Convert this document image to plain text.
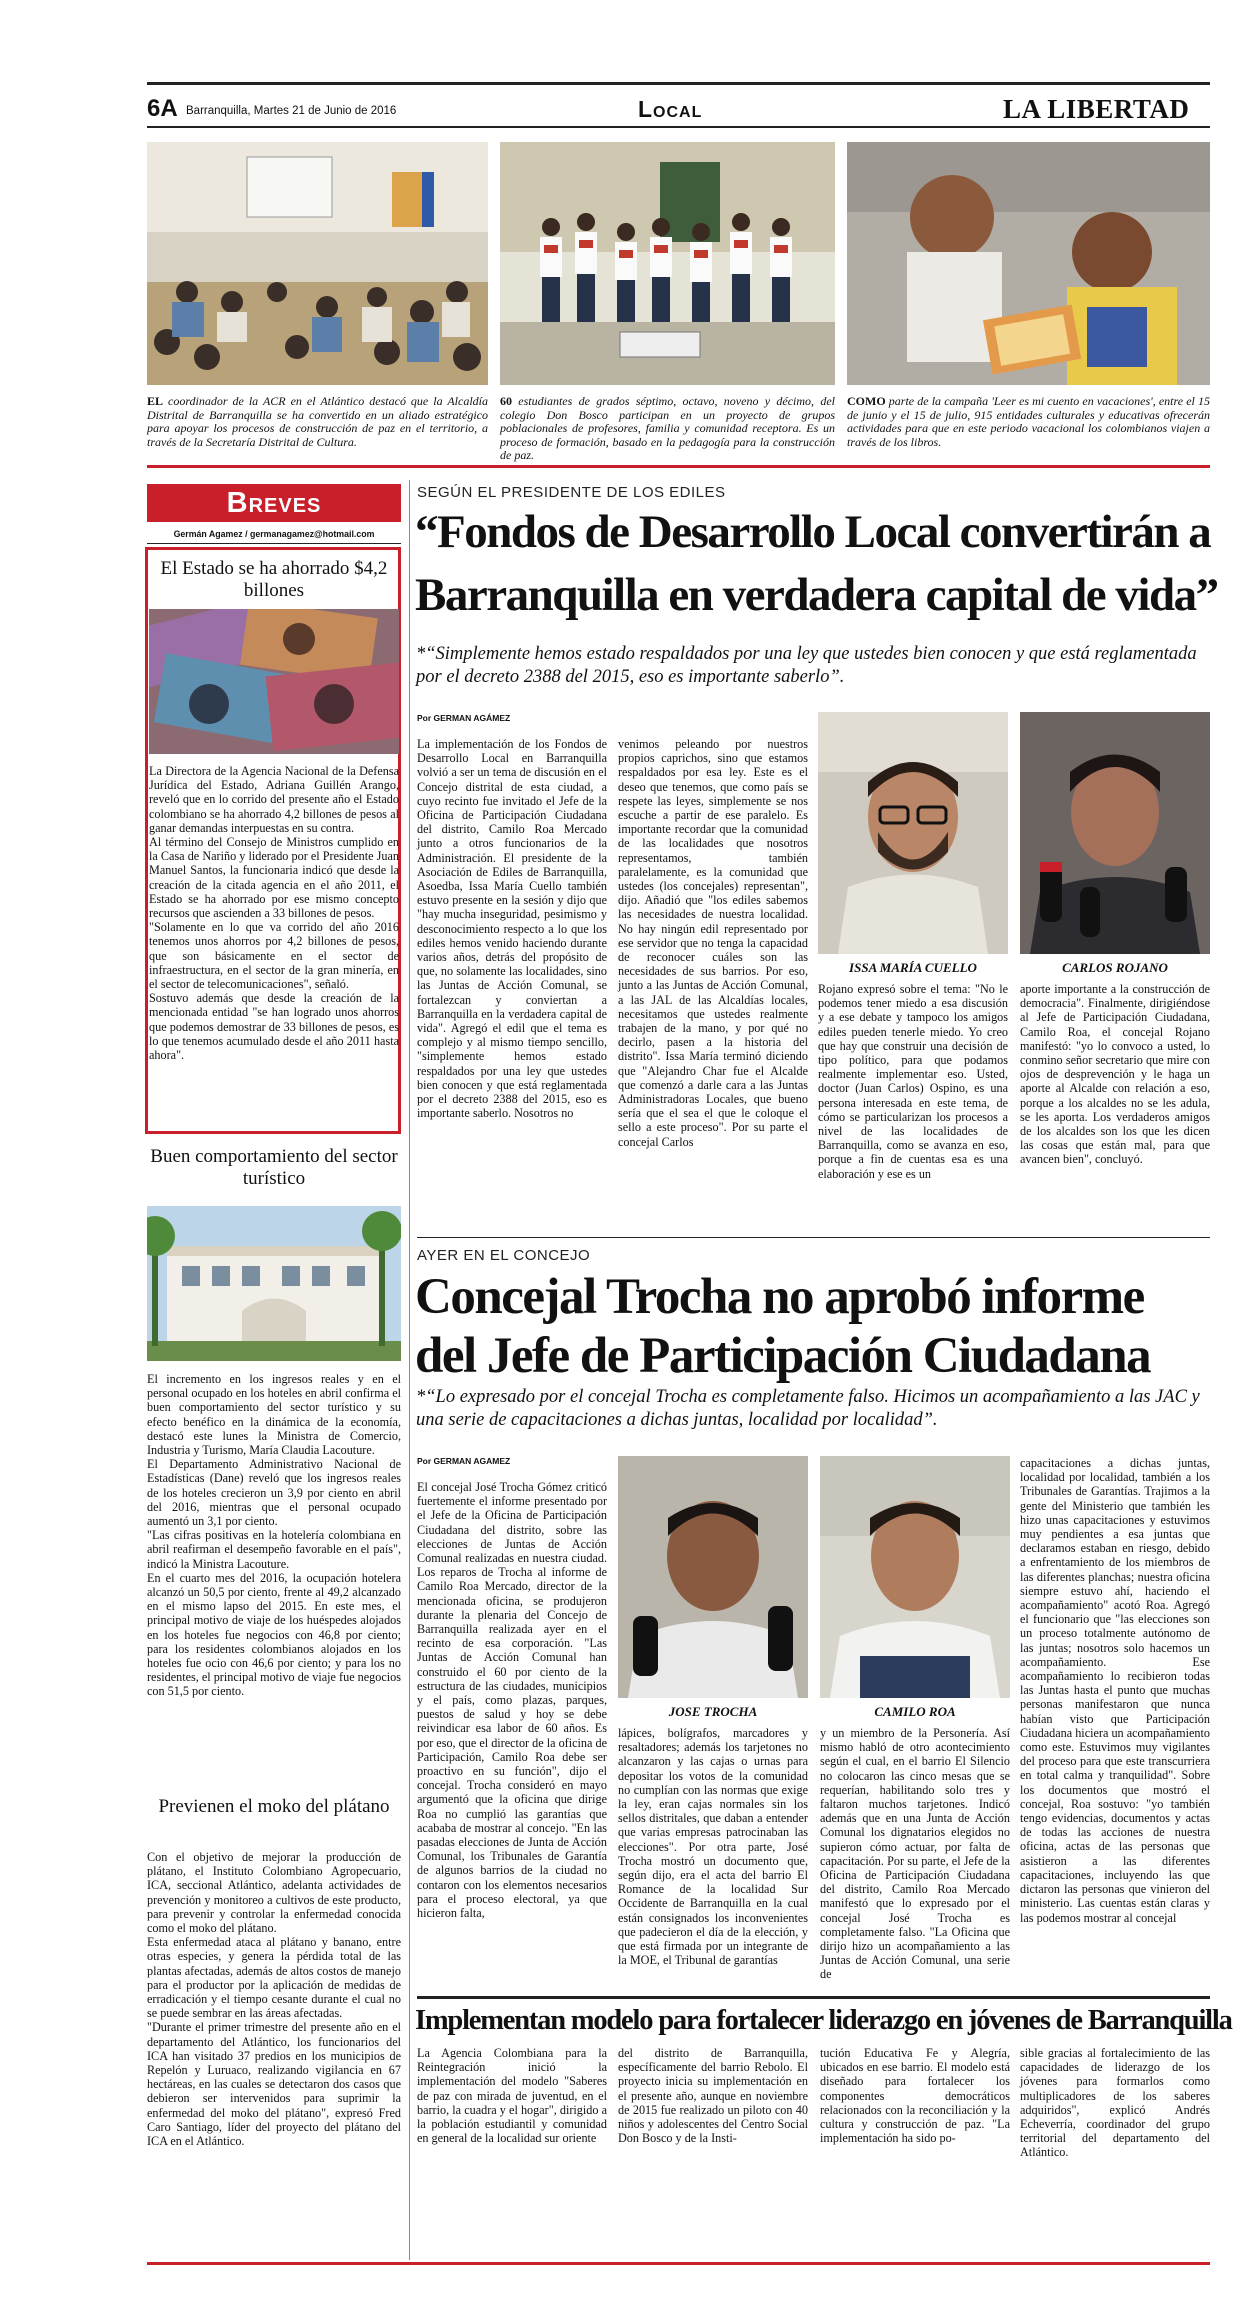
6A Barranquilla, Martes 21 de Junio de 2016	Local	LA LIBERTAD
EL coordinador de la ACR en el Atlántico destacó que la Alcaldía Distrital de Barranquilla se ha convertido en un aliado estratégico para apoyar los procesos de construcción de paz en el territorio, a través de la Secretaría Distrital de Cultura.
60 estudiantes de grados séptimo, octavo, noveno y décimo, del colegio Don Bosco participan en un proyecto de grupos poblacionales de profesores, familia y comunidad receptora. Es un proceso de formación, basado en la pedagogía para la construcción de paz.
COMO parte de la campaña 'Leer es mi cuento en vacaciones', entre el 15 de junio y el 15 de julio, 915 entidades culturales y educativas ofrecerán actividades para que en este periodo vacacional los colombianos viajen a través de los libros.
Breves
Germán Agamez / germanagamez@hotmail.com
El Estado se ha ahorrado $4,2 billones

La Directora de la Agencia Nacional de la Defensa Jurídica del Estado, Adriana Guillén Arango, reveló que en lo corrido del presente año el Estado colombiano se ha ahorrado 4,2 billones de pesos al ganar demandas interpuestas en su contra.

Al término del Consejo de Ministros cumplido en la Casa de Nariño y liderado por el Presidente Juan Manuel Santos, la funcionaria indicó que desde la creación de la citada agencia en el año 2011, el Estado se ha ahorrado por ese mismo concepto recursos que ascienden a 33 billones de pesos.

"Solamente en lo que va corrido del año 2016 tenemos unos ahorros por 4,2 billones de pesos, que son básicamente en el sector de infraestructura, en el sector de la gran minería, en el sector de telecomunicaciones", señaló.

Sostuvo además que desde la creación de la mencionada entidad "se han logrado unos ahorros que podemos demostrar de 33 billones de pesos, es lo que tenemos acumulado desde el año 2011 hasta ahora".

Buen comportamiento del sector turístico

El incremento en los ingresos reales y en el personal ocupado en los hoteles en abril confirma el buen comportamiento del sector turístico y su efecto benéfico en la dinámica de la economía, destacó este lunes la Ministra de Comercio, Industria y Turismo, María Claudia Lacouture.

El Departamento Administrativo Nacional de Estadísticas (Dane) reveló que los ingresos reales de los hoteles crecieron un 3,9 por ciento en abril del 2016, mientras que el personal ocupado aumentó un 3,1 por ciento.

"Las cifras positivas en la hotelería colombiana en abril reafirman el desempeño favorable en el país", indicó la Ministra Lacouture.

En el cuarto mes del 2016, la ocupación hotelera alcanzó un 50,5 por ciento, frente al 49,2 alcanzado en el mismo lapso del 2015. En este mes, el principal motivo de viaje de los huéspedes alojados en los hoteles fue negocios con 46,8 por ciento; para los residentes colombianos alojados en los hoteles fue ocio con 46,6 por ciento; y para los no residentes, el principal motivo de viaje fue negocios con 51,5 por ciento.

Previenen el moko del plátano

Con el objetivo de mejorar la producción de plátano, el Instituto Colombiano Agropecuario, ICA, seccional Atlántico, adelanta actividades de prevención y monitoreo a cultivos de este producto, para prevenir y controlar la enfermedad conocida como el moko del plátano.

Esta enfermedad ataca al plátano y banano, entre otras especies, y genera la pérdida total de las plantas afectadas, además de altos costos de manejo para el productor por la aplicación de medidas de erradicación y el tiempo cesante durante el cual no se puede sembrar en las áreas afectadas.

"Durante el primer trimestre del presente año en el departamento del Atlántico, los funcionarios del ICA han visitado 37 predios en los municipios de Repelón y Luruaco, realizando vigilancia en 67 hectáreas, en las cuales se detectaron dos casos que debieron ser intervenidos para suprimir la enfermedad del moko del plátano", expresó Fred Caro Santiago, líder del proyecto del plátano del ICA en el Atlántico.

SEGÚN EL PRESIDENTE DE LOS EDILES
“Fondos de Desarrollo Local convertirán a
Barranquilla en verdadera capital de vida”
*“Simplemente hemos estado respaldados por una ley que ustedes bien conocen y que está reglamentada por el decreto 2388 del 2015, eso es importante saberlo”.
Por GERMAN AGÁMEZ
La implementación de los Fondos de Desarrollo Local en Barranquilla volvió a ser un tema de discusión en el Concejo distrital de esta ciudad, a cuyo recinto fue invitado el Jefe de la Oficina de Participación Ciudadana del distrito, Camilo Roa Mercado junto a otros funcionarios de la Administración. El presidente de la Asociación de Ediles de Barranquilla, Asoedba, Issa María Cuello también estuvo presente en la sesión y dijo que "hay mucha inseguridad, pesimismo y desconocimiento respecto a lo que los ediles hemos venido haciendo durante varios años, detrás del propósito de que, no solamente las localidades, sino las Juntas de Acción Comunal, se fortalezcan y conviertan a Barranquilla en la verdadera capital de vida". Agregó el edil que el tema es complejo y al mismo tiempo sencillo, "simplemente hemos estado respaldados por una ley que ustedes bien conocen y que está reglamentada por el decreto 2388 del 2015, eso es importante saberlo. Nosotros no
venimos peleando por nuestros propios caprichos, sino que estamos respaldados por esa ley. Este es el deseo que tenemos, que como país se respete las leyes, simplemente se nos escuche a partir de ese paralelo. Es importante recordar que la comunidad de las localidades que nosotros representamos, también paralelamente, es la comunidad que ustedes (los concejales) representan", dijo. Añadió que "los ediles sabemos las necesidades de nuestra localidad. No hay ningún edil representado por ese servidor que no tenga la capacidad de reconocer cuáles son las necesidades de sus barrios. Por eso, junto a las Juntas de Acción Comunal, a las JAL de las Alcaldías locales, necesitamos que ustedes realmente trabajen de la mano, y por qué no decirlo, pasen a la historia del distrito". Issa María terminó diciendo que "Alejandro Char fue el Alcalde que comenzó a darle cara a las Juntas Administradoras Locales, que bueno sería que el sea el que le coloque el sello a este proceso". Por su parte el concejal Carlos
ISSA MARÍA CUELLO	CARLOS ROJANO
Rojano expresó sobre el tema: "No le podemos tener miedo a esa discusión y a ese debate y tampoco los amigos ediles pueden tenerle miedo. Yo creo que hay que construir una decisión de tipo político, para que podamos realmente implementar eso. Usted, doctor (Juan Carlos) Ospino, es una persona interesada en este tema, de cómo se particularizan los procesos a nivel de las localidades de Barranquilla, como se avanza en eso, porque a fin de cuentas esa es una elaboración y ese es un
aporte importante a la construcción de democracia". Finalmente, dirigiéndose al Jefe de Participación Ciudadana, Camilo Roa, el concejal Rojano manifestó: "yo lo convoco a usted, lo conmino señor secretario que mire con ojos de desprevención y le haga un aporte al Alcalde con relación a eso, porque a los alcaldes no se les adula, se les aporta. Los verdaderos amigos de los alcaldes son los que les dicen las cosas que están mal, para que avancen bien", concluyó.
AYER EN EL CONCEJO
Concejal Trocha no aprobó informe
del Jefe de Participación Ciudadana
*“Lo expresado por el concejal Trocha es completamente falso. Hicimos un acompañamiento a las JAC y una serie de capacitaciones a dichas juntas, localidad por localidad”.
Por GERMAN AGAMEZ
El concejal José Trocha Gómez criticó fuertemente el informe presentado por el Jefe de la Oficina de Participación Ciudadana del distrito, sobre las elecciones de Juntas de Acción Comunal realizadas en nuestra ciudad. Los reparos de Trocha al informe de Camilo Roa Mercado, director de la mencionada oficina, se produjeron durante la plenaria del Concejo de Barranquilla realizada ayer en el recinto de esa corporación. "Las Juntas de Acción Comunal han construido el 60 por ciento de la estructura de las ciudades, municipios y el país, como plazas, parques, puestos de salud y hoy se debe reivindicar esa labor de 60 años. Es por eso, que el director de la oficina de Participación, Camilo Roa debe ser proactivo en su función", dijo el concejal. Trocha consideró en mayo argumentó que la oficina que dirige Roa no cumplió las garantías que acababa de mostrar al concejo. "En las pasadas elecciones de Junta de Acción Comunal, los Tribunales de Garantía de algunos barrios de la ciudad no contaron con los elementos necesarios para el proceso electoral, ya que hicieron falta,
JOSE TROCHA	CAMILO ROA
lápices, bolígrafos, marcadores y resaltadores; además los tarjetones no alcanzaron y las cajas o urnas para depositar los votos de la comunidad no cumplían con las normas que exige la ley, eran cajas normales sin los sellos distritales, que daban a entender que varias empresas patrocinaban las elecciones". Por otra parte, José Trocha mostró un documento que, según dijo, era el acta del barrio El Romance de la localidad Sur Occidente de Barranquilla en la cual están consignados los inconvenientes que padecieron el día de la elección, y que está firmada por un integrante de la MOE, el Tribunal de garantías
y un miembro de la Personería. Así mismo habló de otro acontecimiento según el cual, en el barrio El Silencio no colocaron las cinco mesas que se requerían, habilitando solo tres y faltaron muchos tarjetones. Indicó además que en una Junta de Acción Comunal los dignatarios elegidos no supieron cómo actuar, por falta de capacitación. Por su parte, el Jefe de la Oficina de Participación Ciudadana del distrito, Camilo Roa Mercado manifestó que lo expresado por el concejal José Trocha es completamente falso. "La Oficina que dirijo hizo un acompañamiento a las Juntas de Acción Comunal, una serie de
capacitaciones a dichas juntas, localidad por localidad, también a los Tribunales de Garantías. Trajimos a la gente del Ministerio que también les hizo unas capacitaciones y estuvimos muy pendientes a esa juntas que declaramos estaban en riesgo, debido a enfrentamiento de los miembros de las diferentes planchas; nuestra oficina siempre estuvo ahí, haciendo el acompañamiento" acotó Roa. Agregó el funcionario que "las elecciones son un proceso totalmente autónomo de las juntas; nosotros solo hacemos un acompañamiento. Ese acompañamiento lo recibieron todas las Juntas hasta el punto que muchas personas manifestaron que nunca habían visto que Participación Ciudadana hiciera un acompañamiento como este. Estuvimos muy vigilantes del proceso para que este transcurriera en total calma y tranquilidad". Sobre los documentos que mostró el concejal, Roa sostuvo: "yo también tengo evidencias, documentos y actas de todas las acciones de nuestra oficina, actas de las personas que asistieron a las diferentes capacitaciones, incluyendo las que dictaron las personas que vinieron del ministerio. Las cuentas están claras y las podemos mostrar al concejal
Implementan modelo para fortalecer liderazgo en jóvenes de Barranquilla
La Agencia Colombiana para la Reintegración inició la implementación del modelo "Saberes de paz con mirada de juventud, en el barrio, la cuadra y el hogar", dirigido a la población estudiantil y comunidad en general de la localidad sur oriente
del distrito de Barranquilla, específicamente del barrio Rebolo. El proyecto inicia su implementación en el presente año, aunque en noviembre de 2015 fue realizado un piloto con 40 niños y adolescentes del Centro Social Don Bosco y de la Insti-
tución Educativa Fe y Alegría, ubicados en ese barrio. El modelo está diseñado para fortalecer los componentes democráticos relacionados con la reconciliación y la cultura y construcción de paz. "La implementación ha sido po-
sible gracias al fortalecimiento de las capacidades de liderazgo de los jóvenes para formarlos como multiplicadores de los saberes adquiridos", explicó Andrés Echeverría, coordinador del grupo territorial del departamento del Atlántico.
